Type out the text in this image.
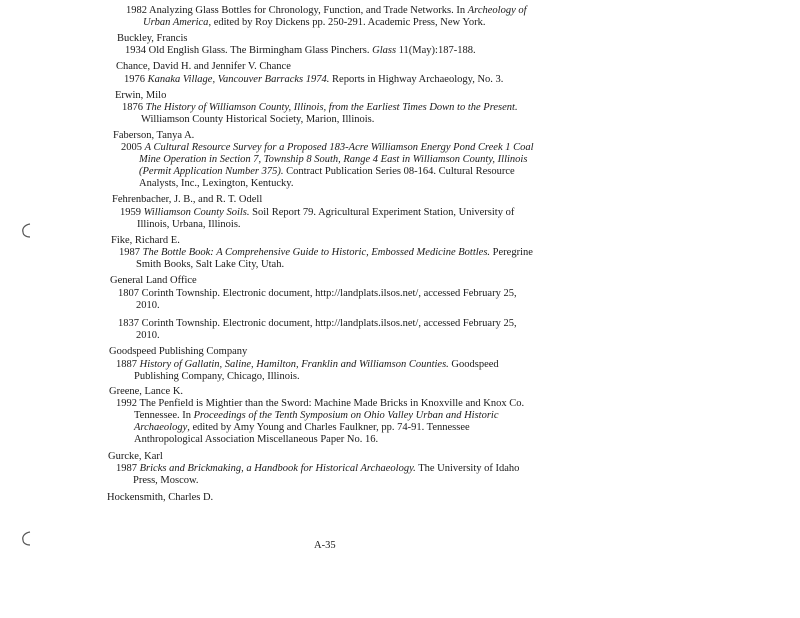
1982 Analyzing Glass Bottles for Chronology, Function, and Trade Networks. In Archeology of
Urban America, edited by Roy Dickens pp. 250-291. Academic Press, New York.
Buckley, Francis
1934 Old English Glass. The Birmingham Glass Pinchers. Glass 11(May):187-188.
Chance, David H. and Jennifer V. Chance
1976 Kanaka Village, Vancouver Barracks 1974. Reports in Highway Archaeology, No. 3.
Erwin, Milo
1876 The History of Williamson County, Illinois, from the Earliest Times Down to the Present.
Williamson County Historical Society, Marion, Illinois.
Faberson, Tanya A.
2005 A Cultural Resource Survey for a Proposed 183-Acre Williamson Energy Pond Creek 1 Coal
Mine Operation in Section 7, Township 8 South, Range 4 East in Williamson County, Illinois
(Permit Application Number 375). Contract Publication Series 08-164. Cultural Resource
Analysts, Inc., Lexington, Kentucky.
Fehrenbacher, J. B., and R. T. Odell
1959 Williamson County Soils. Soil Report 79. Agricultural Experiment Station, University of
Illinois, Urbana, Illinois.
Fike, Richard E.
1987 The Bottle Book: A Comprehensive Guide to Historic, Embossed Medicine Bottles. Peregrine
Smith Books, Salt Lake City, Utah.
General Land Office
1807 Corinth Township. Electronic document, http://landplats.ilsos.net/, accessed February 25,
2010.
1837 Corinth Township. Electronic document, http://landplats.ilsos.net/, accessed February 25,
2010.
Goodspeed Publishing Company
1887 History of Gallatin, Saline, Hamilton, Franklin and Williamson Counties. Goodspeed
Publishing Company, Chicago, Illinois.
Greene, Lance K.
1992 The Penfield is Mightier than the Sword: Machine Made Bricks in Knoxville and Knox Co.
Tennessee. In Proceedings of the Tenth Symposium on Ohio Valley Urban and Historic
Archaeology, edited by Amy Young and Charles Faulkner, pp. 74-91. Tennessee
Anthropological Association Miscellaneous Paper No. 16.
Gurcke, Karl
1987 Bricks and Brickmaking, a Handbook for Historical Archaeology. The University of Idaho
Press, Moscow.
Hockensmith, Charles D.
A-35
